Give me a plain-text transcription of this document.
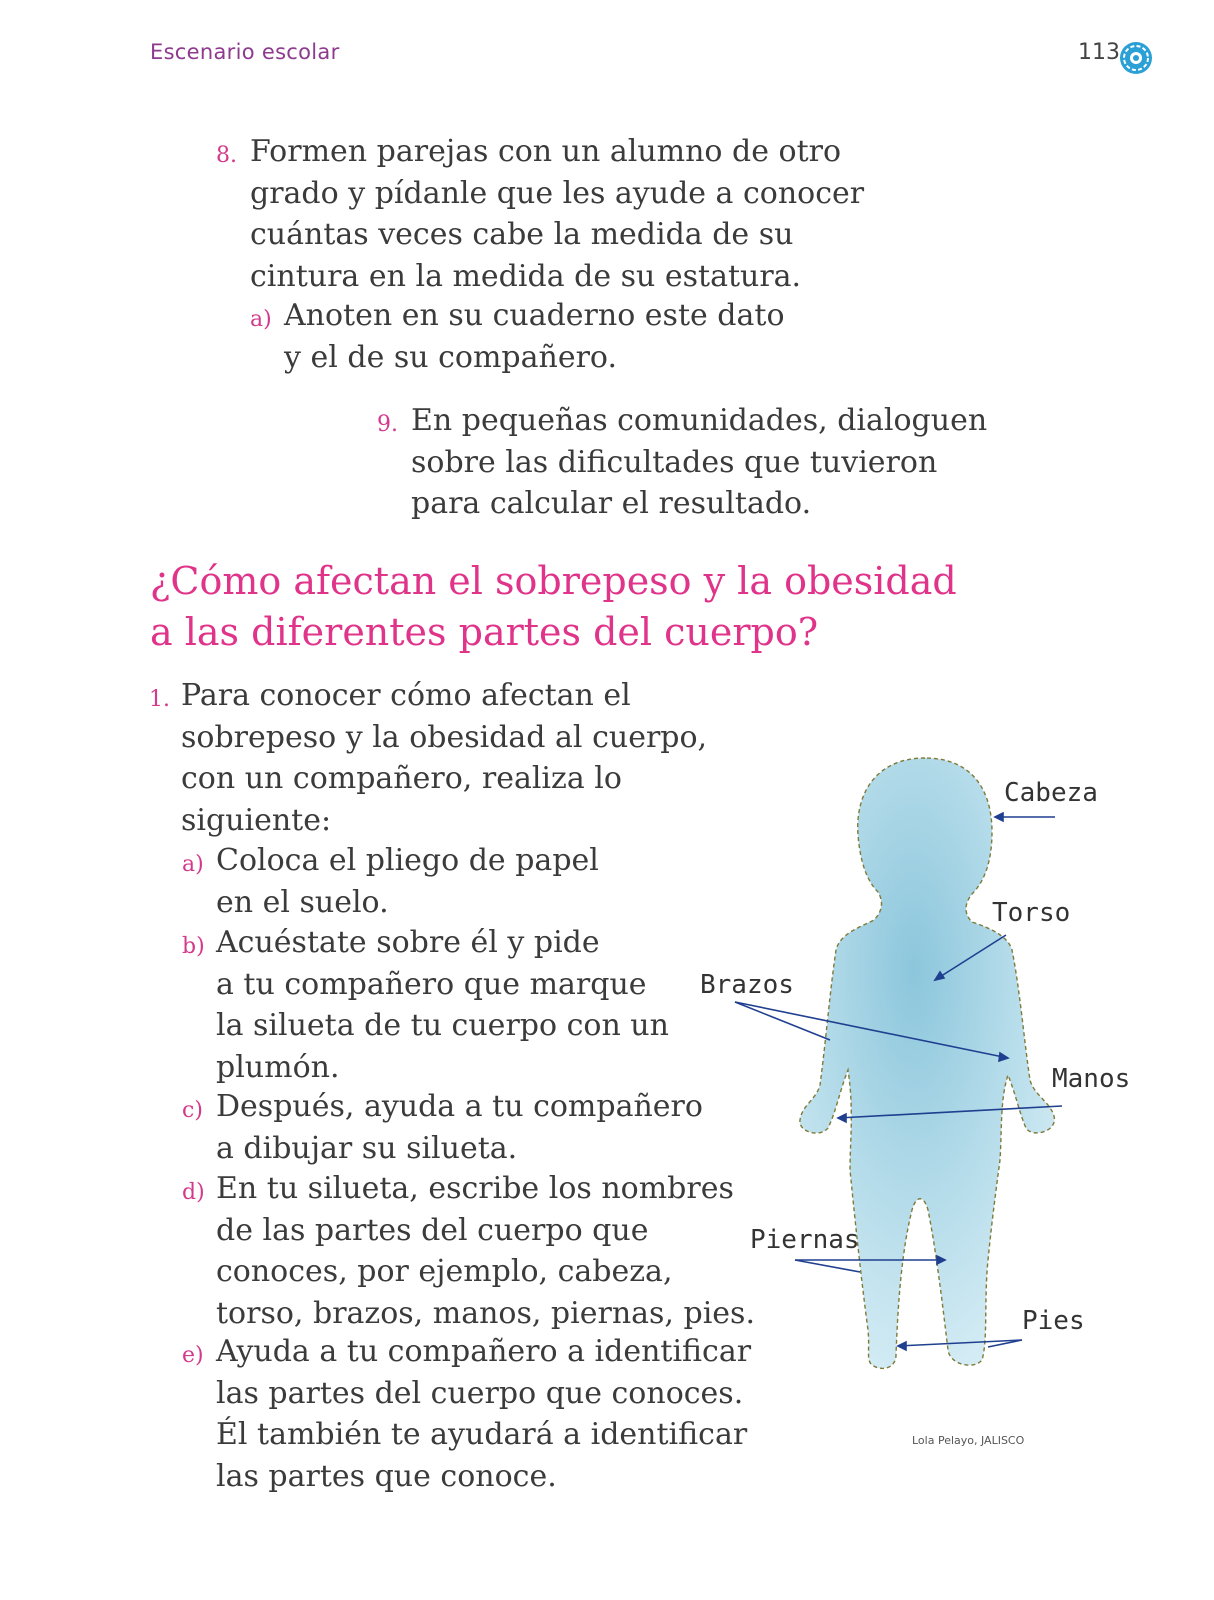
Escenario escolar	113
8. Formen parejas con un alumno de otro
grado y pídanle que les ayude a conocer
cuántas veces cabe la medida de su
cintura en la medida de su estatura.
a) Anoten en su cuaderno este dato
y el de su compañero.
9. En pequeñas comunidades, dialoguen
sobre las dificultades que tuvieron
para calcular el resultado.
¿Cómo afectan el sobrepeso y la obesidad
a las diferentes partes del cuerpo?
1. Para conocer cómo afectan el
sobrepeso y la obesidad al cuerpo,
con un compañero, realiza lo
siguiente:
a) Coloca el pliego de papel
en el suelo.
b) Acuéstate sobre él y pide
a tu compañero que marque
la silueta de tu cuerpo con un
plumón.
c) Después, ayuda a tu compañero
a dibujar su silueta.
d) En tu silueta, escribe los nombres
de las partes del cuerpo que
conoces, por ejemplo, cabeza,
torso, brazos, manos, piernas, pies.
e) Ayuda a tu compañero a identificar
las partes del cuerpo que conoces.
Él también te ayudará a identificar
las partes que conoce.
Cabeza
Torso
Brazos
Manos
Piernas
Pies
Lola Pelayo, JALISCO
